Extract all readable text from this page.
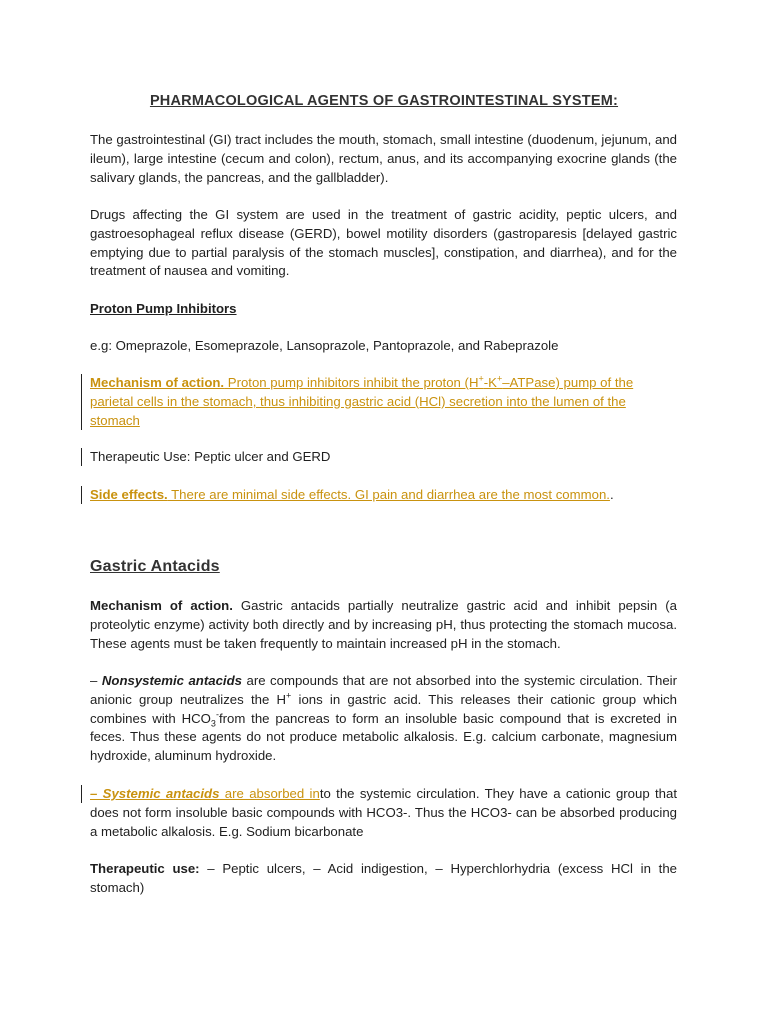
PHARMACOLOGICAL AGENTS OF GASTROINTESTINAL SYSTEM:
The gastrointestinal (GI) tract includes the mouth, stomach, small intestine (duodenum, jejunum, and ileum), large intestine (cecum and colon), rectum, anus, and its accompanying exocrine glands (the salivary glands, the pancreas, and the gallbladder).
Drugs affecting the GI system are used in the treatment of gastric acidity, peptic ulcers, and gastroesophageal reflux disease (GERD), bowel motility disorders (gastroparesis [delayed gastric emptying due to partial paralysis of the stomach muscles], constipation, and diarrhea), and for the treatment of nausea and vomiting.
Proton Pump Inhibitors
e.g: Omeprazole, Esomeprazole, Lansoprazole, Pantoprazole, and Rabeprazole
Mechanism of action. Proton pump inhibitors inhibit the proton (H+-K+–ATPase) pump of the parietal cells in the stomach, thus inhibiting gastric acid (HCl) secretion into the lumen of the stomach
Therapeutic Use: Peptic ulcer and GERD
Side effects. There are minimal side effects. GI pain and diarrhea are the most common..
Gastric Antacids
Mechanism of action. Gastric antacids partially neutralize gastric acid and inhibit pepsin (a proteolytic enzyme) activity both directly and by increasing pH, thus protecting the stomach mucosa. These agents must be taken frequently to maintain increased pH in the stomach.
– Nonsystemic antacids are compounds that are not absorbed into the systemic circulation. Their anionic group neutralizes the H+ ions in gastric acid. This releases their cationic group which combines with $HCO_3^-from$ the pancreas to form an insoluble basic compound that is excreted in feces. Thus these agents do not produce metabolic alkalosis. E.g. calcium carbonate, magnesium hydroxide, aluminum hydroxide.
– Systemic antacids are absorbed into the systemic circulation. They have a cationic group that does not form insoluble basic compounds with HCO3-. Thus the HCO3- can be absorbed producing a metabolic alkalosis. E.g. Sodium bicarbonate
Therapeutic use: – Peptic ulcers, – Acid indigestion, – Hyperchlorhydria (excess HCl in the stomach)
